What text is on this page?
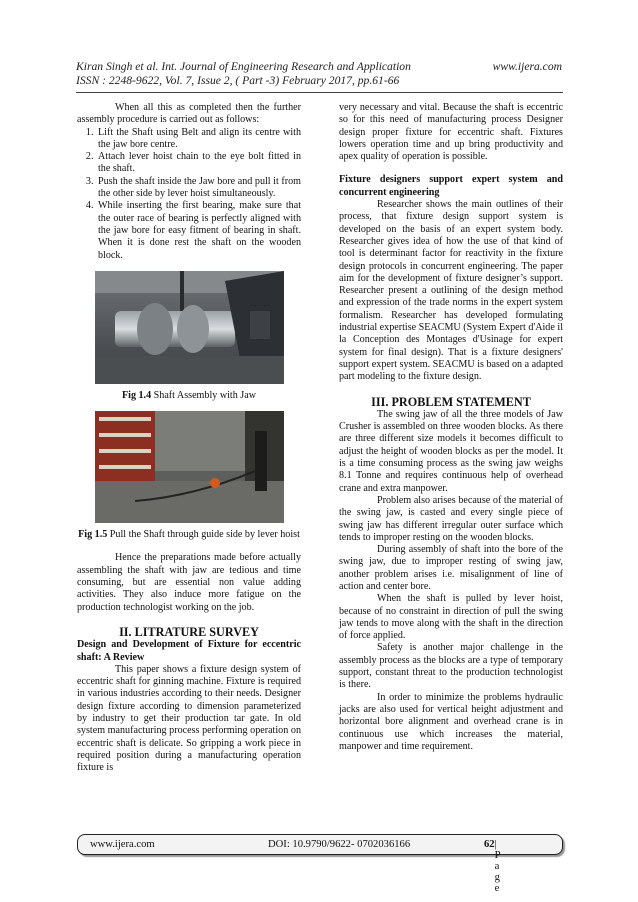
Kiran Singh et al. Int. Journal of Engineering Research and Application	www.ijera.com
ISSN : 2248-9622, Vol. 7, Issue 2, ( Part -3) February 2017, pp.61-66

When all this as completed then the further assembly procedure is carried out as follows:

1. Lift the Shaft using Belt and align its centre with the jaw bore centre.
2. Attach lever hoist chain to the eye bolt fitted in the shaft.
3. Push the shaft inside the Jaw bore and pull it from the other side by lever hoist simultaneously.
4. While inserting the first bearing, make sure that the outer race of bearing is perfectly aligned with the jaw bore for easy fitment of bearing in shaft. When it is done rest the shaft on the wooden block.
Fig 1.4 Shaft Assembly with Jaw
Fig 1.5 Pull the Shaft through guide side by lever hoist

Hence the preparations made before actually assembling the shaft with jaw are tedious and time consuming, but are essential non value adding activities. They also induce more fatigue on the production technologist working on the job.

II. LITRATURE SURVEY

Design and Development of Fixture for eccentric shaft: A Review

This paper shows a fixture design system of eccentric shaft for ginning machine. Fixture is required in various industries according to their needs. Designer design fixture according to dimension parameterized by industry to get their production tar gate. In old system manufacturing process performing operation on eccentric shaft is delicate. So gripping a work piece in required position during a manufacturing operation fixture is

very necessary and vital. Because the shaft is eccentric so for this need of manufacturing process Designer design proper fixture for eccentric shaft. Fixtures lowers operation time and up bring productivity and apex quality of operation is possible.

Fixture designers support expert system and concurrent engineering

Researcher shows the main outlines of their process, that fixture design support system is developed on the basis of an expert system body. Researcher gives idea of how the use of that kind of tool is determinant factor for reactivity in the fixture design protocols in concurrent engineering. The paper aim for the development of fixture designer’s support. Researcher present a outlining of the design method and expression of the trade norms in the expert system formalism. Researcher has developed formulating industrial expertise SEACMU (System Expert d'Aide il la Conception des Montages d'Usinage for expert system for final design). That is a fixture designers' support expert system. SEACMU is based on a adapted part modeling to the fixture design.

III. PROBLEM STATEMENT

The swing jaw of all the three models of Jaw Crusher is assembled on three wooden blocks. As there are three different size models it becomes difficult to adjust the height of wooden blocks as per the model. It is a time consuming process as the swing jaw weighs 8.1 Tonne and requires continuous help of overhead crane and extra manpower.

Problem also arises because of the material of the swing jaw, is casted and every single piece of swing jaw has different irregular outer surface which tends to improper resting on the wooden blocks.

During assembly of shaft into the bore of the swing jaw, due to improper resting of swing jaw, another problem arises i.e. misalignment of line of action and center bore.

When the shaft is pulled by lever hoist, because of no constraint in direction of pull the swing jaw tends to move along with the shaft in the direction of force applied.

Safety is another major challenge in the assembly process as the blocks are a type of temporary support, constant threat to the production technologist is there.

In order to minimize the problems hydraulic jacks are also used for vertical height adjustment and horizontal bore alignment and overhead crane is in continuous use which increases the material, manpower and time requirement.

www.ijera.com	DOI: 10.9790/9622- 0702036166	62 | P a g e
